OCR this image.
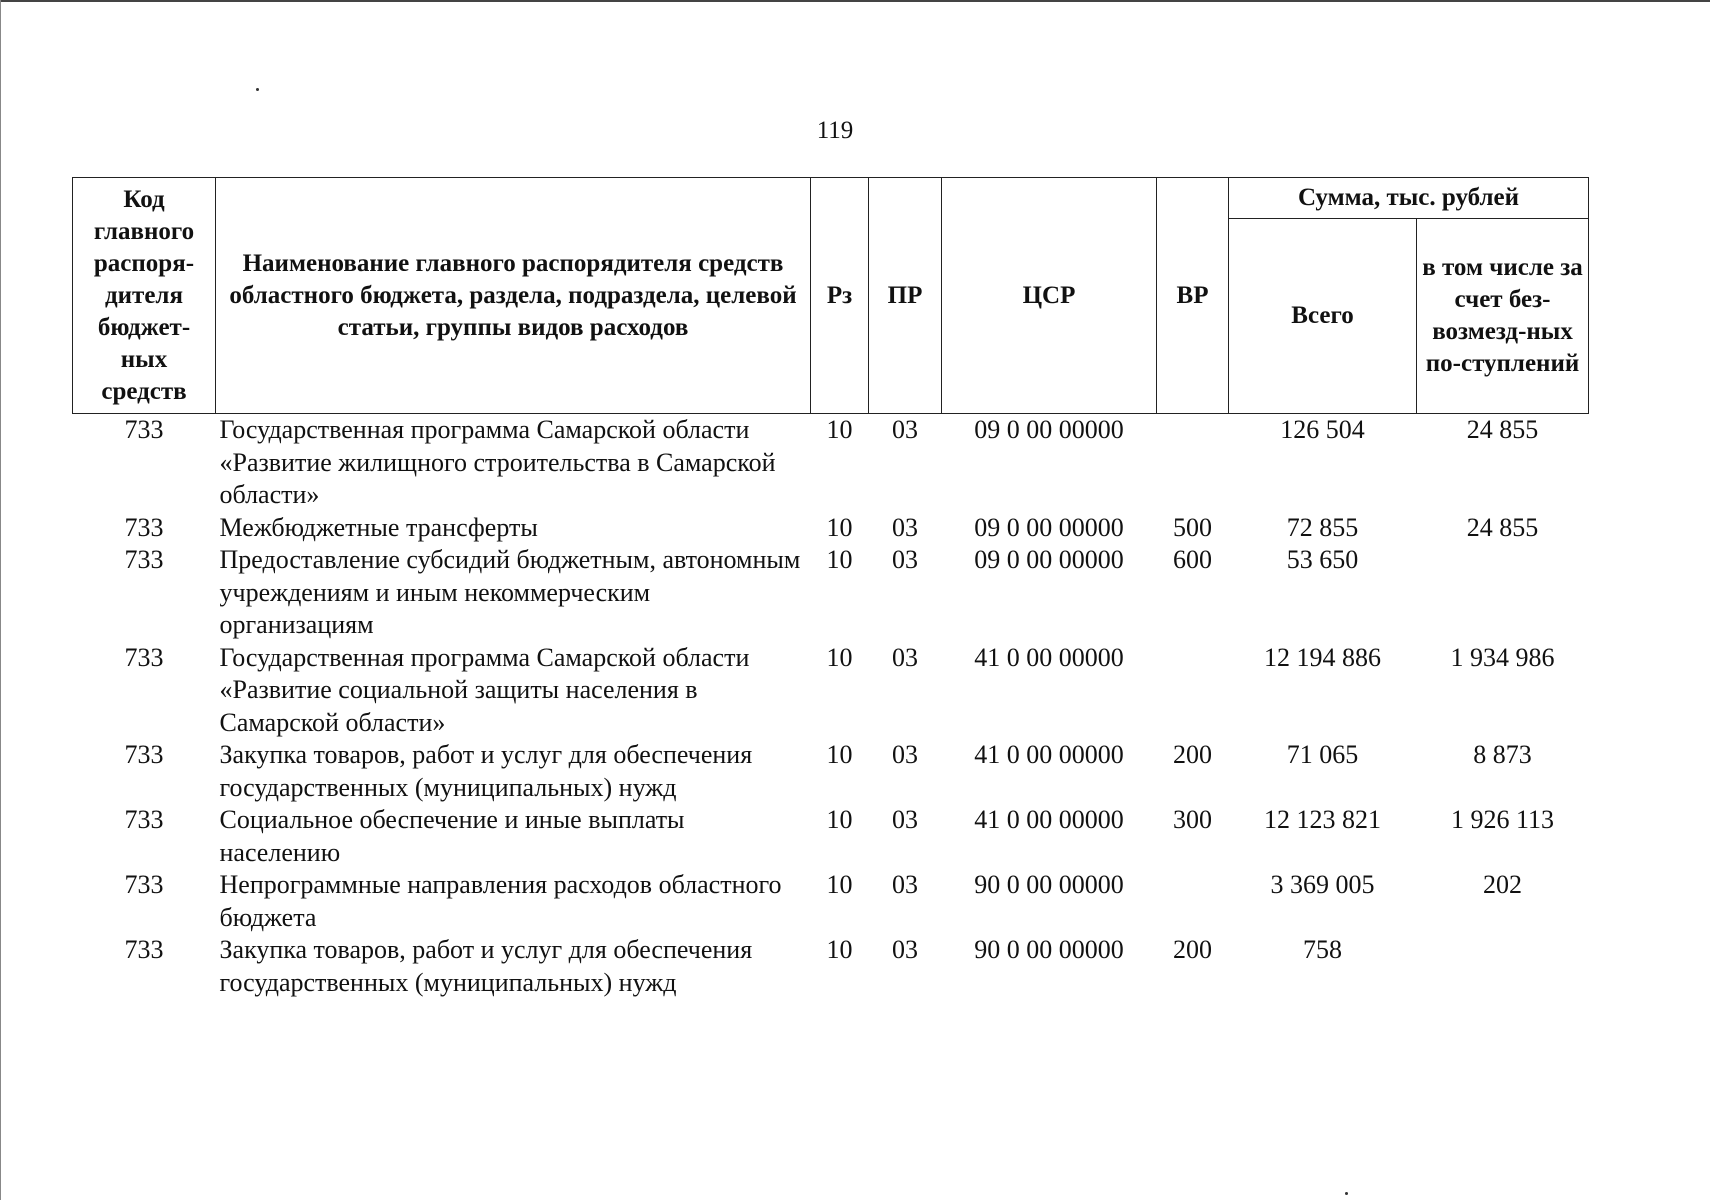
119
Код главного распоря-дителя бюджет-ных средств	Наименование главного распорядителя средств областного бюджета, раздела, подраздела, целевой статьи, группы видов расходов	Рз	ПР	ЦСР	ВР	Сумма, тыс. рублей	
						Всего	в том числе за счет без-возмезд-ных по-ступлений
733	Государственная программа Самарской области «Развитие жилищного строительства в Самарской области»	10	03	09 0 00 00000		126 504	24 855
733	Межбюджетные трансферты	10	03	09 0 00 00000	500	72 855	24 855
733	Предоставление субсидий бюджетным, автономным учреждениям и иным некоммерческим организациям	10	03	09 0 00 00000	600	53 650	
733	Государственная программа Самарской области «Развитие социальной защиты населения в Самарской области»	10	03	41 0 00 00000		12 194 886	1 934 986
733	Закупка товаров, работ и услуг для обеспечения государственных (муниципальных) нужд	10	03	41 0 00 00000	200	71 065	8 873
733	Социальное обеспечение и иные выплаты населению	10	03	41 0 00 00000	300	12 123 821	1 926 113
733	Непрограммные направления расходов областного бюджета	10	03	90 0 00 00000		3 369 005	202
733	Закупка товаров, работ и услуг для обеспечения государственных (муниципальных) нужд	10	03	90 0 00 00000	200	758	
